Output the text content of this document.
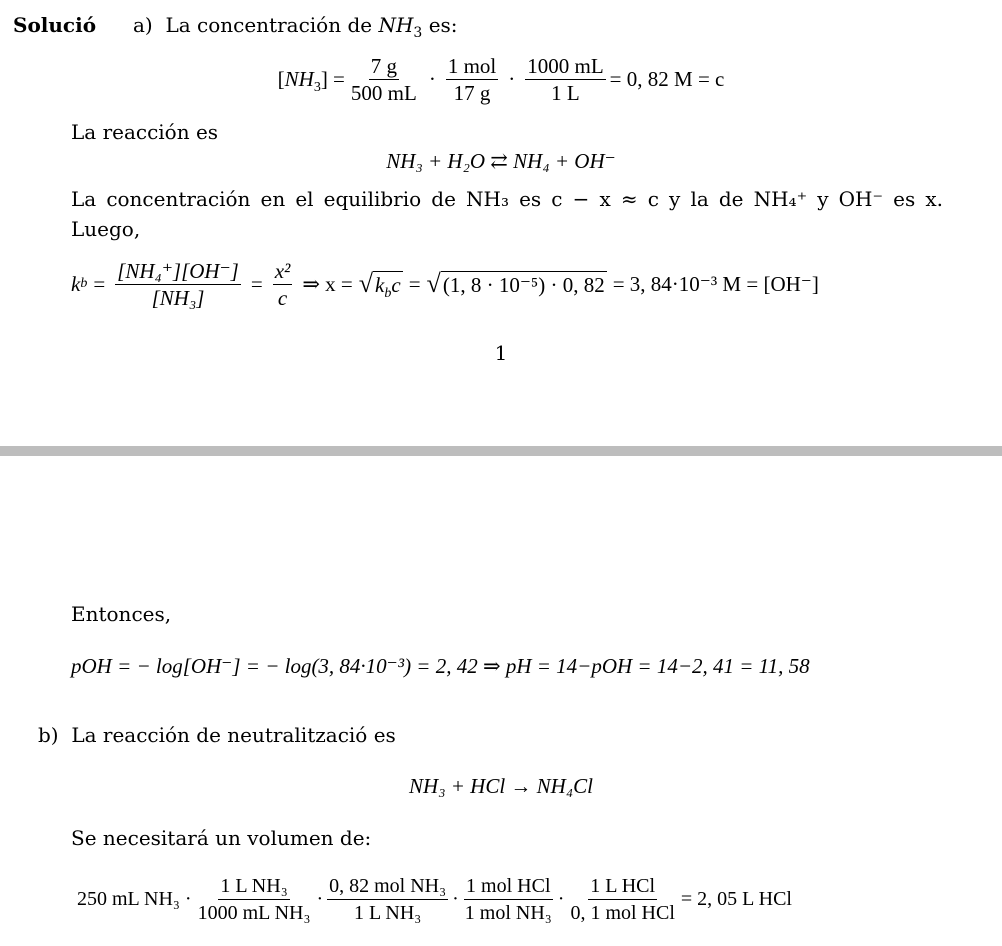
Solució a) La concentración de $NH_3$ es:
$[NH_3] = \frac{7 g}{500 mL} \cdot \frac{\text{1 mol}}{17 g} \cdot \frac{1000 mL}{1 L} = 0$, 82 M = c
La reacción es
NH₃ + H₂O ⇄ NH₄ + OH⁻
La concentración en el equilibrio de NH₃ es c − x ≈ c y la de NH₄⁺ y OH⁻ es x.
Luego,
k $b = \frac{\text{[NH₄⁺][OH⁻]}}{\text{[NH₃]}} = \frac{\text{x²}}{c}$ ⇒ x = √ $k_bc$ = √ (1, 8 · 10⁻⁵) · 0, 82 = 3, 84·10⁻³ M = [OH⁻]
1
Entonces,
pOH = − log[OH⁻] = − log(3, 84·10⁻³) = 2, 42 ⇒ pH = 14−pOH = 14−2, 41 = 11, 58
b) La reacción de neutralització es
NH₃ + HCl → NH₄Cl
Se necesitará un volumen de:
250 mL $NH_3 \cdot \frac{\text{1 L NH₃}}{\text{1000 mL NH₃}} \cdot \frac{\text{0, 82 mol NH₃}}{\text{1 L NH₃}} \cdot \frac{\text{1 mol HCl}}{\text{1 mol NH₃}} \cdot \frac{\text{1 L HCl}}{\text{0, 1 mol HCl}} = 2$, 05 L HCl
